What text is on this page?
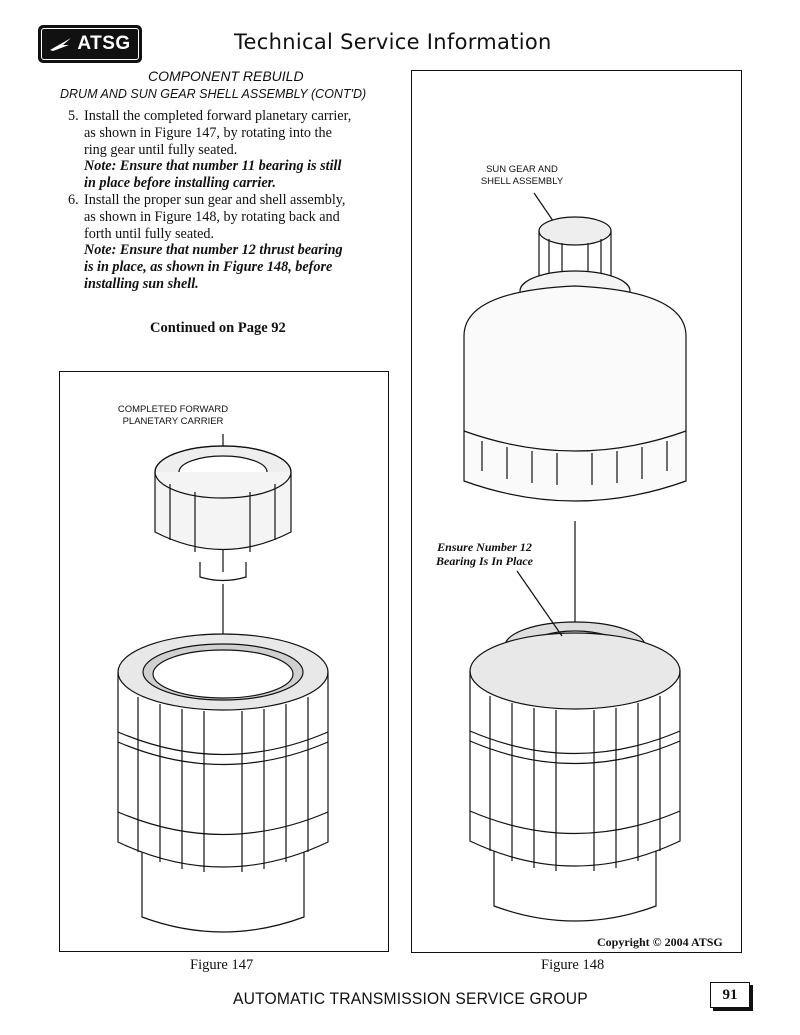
ATSG	Technical Service Information
COMPONENT REBUILD
DRUM AND SUN GEAR SHELL ASSEMBLY (CONT'D)
5. Install the completed forward planetary carrier,
as shown in Figure 147, by rotating into the
ring gear until fully seated.
Note: Ensure that number 11 bearing is still
in place before installing carrier.
6. Install the proper sun gear and shell assembly,
as shown in Figure 148, by rotating back and
forth until fully seated.
Note: Ensure that number 12 thrust bearing
is in place, as shown in Figure 148, before
installing sun shell.
Continued on Page 92
COMPLETED FORWARD
PLANETARY CARRIER
Figure 147
SUN GEAR AND
SHELL ASSEMBLY
Ensure Number 12
Bearing Is In Place
Copyright © 2004 ATSG
Figure 148
AUTOMATIC TRANSMISSION SERVICE GROUP	91
